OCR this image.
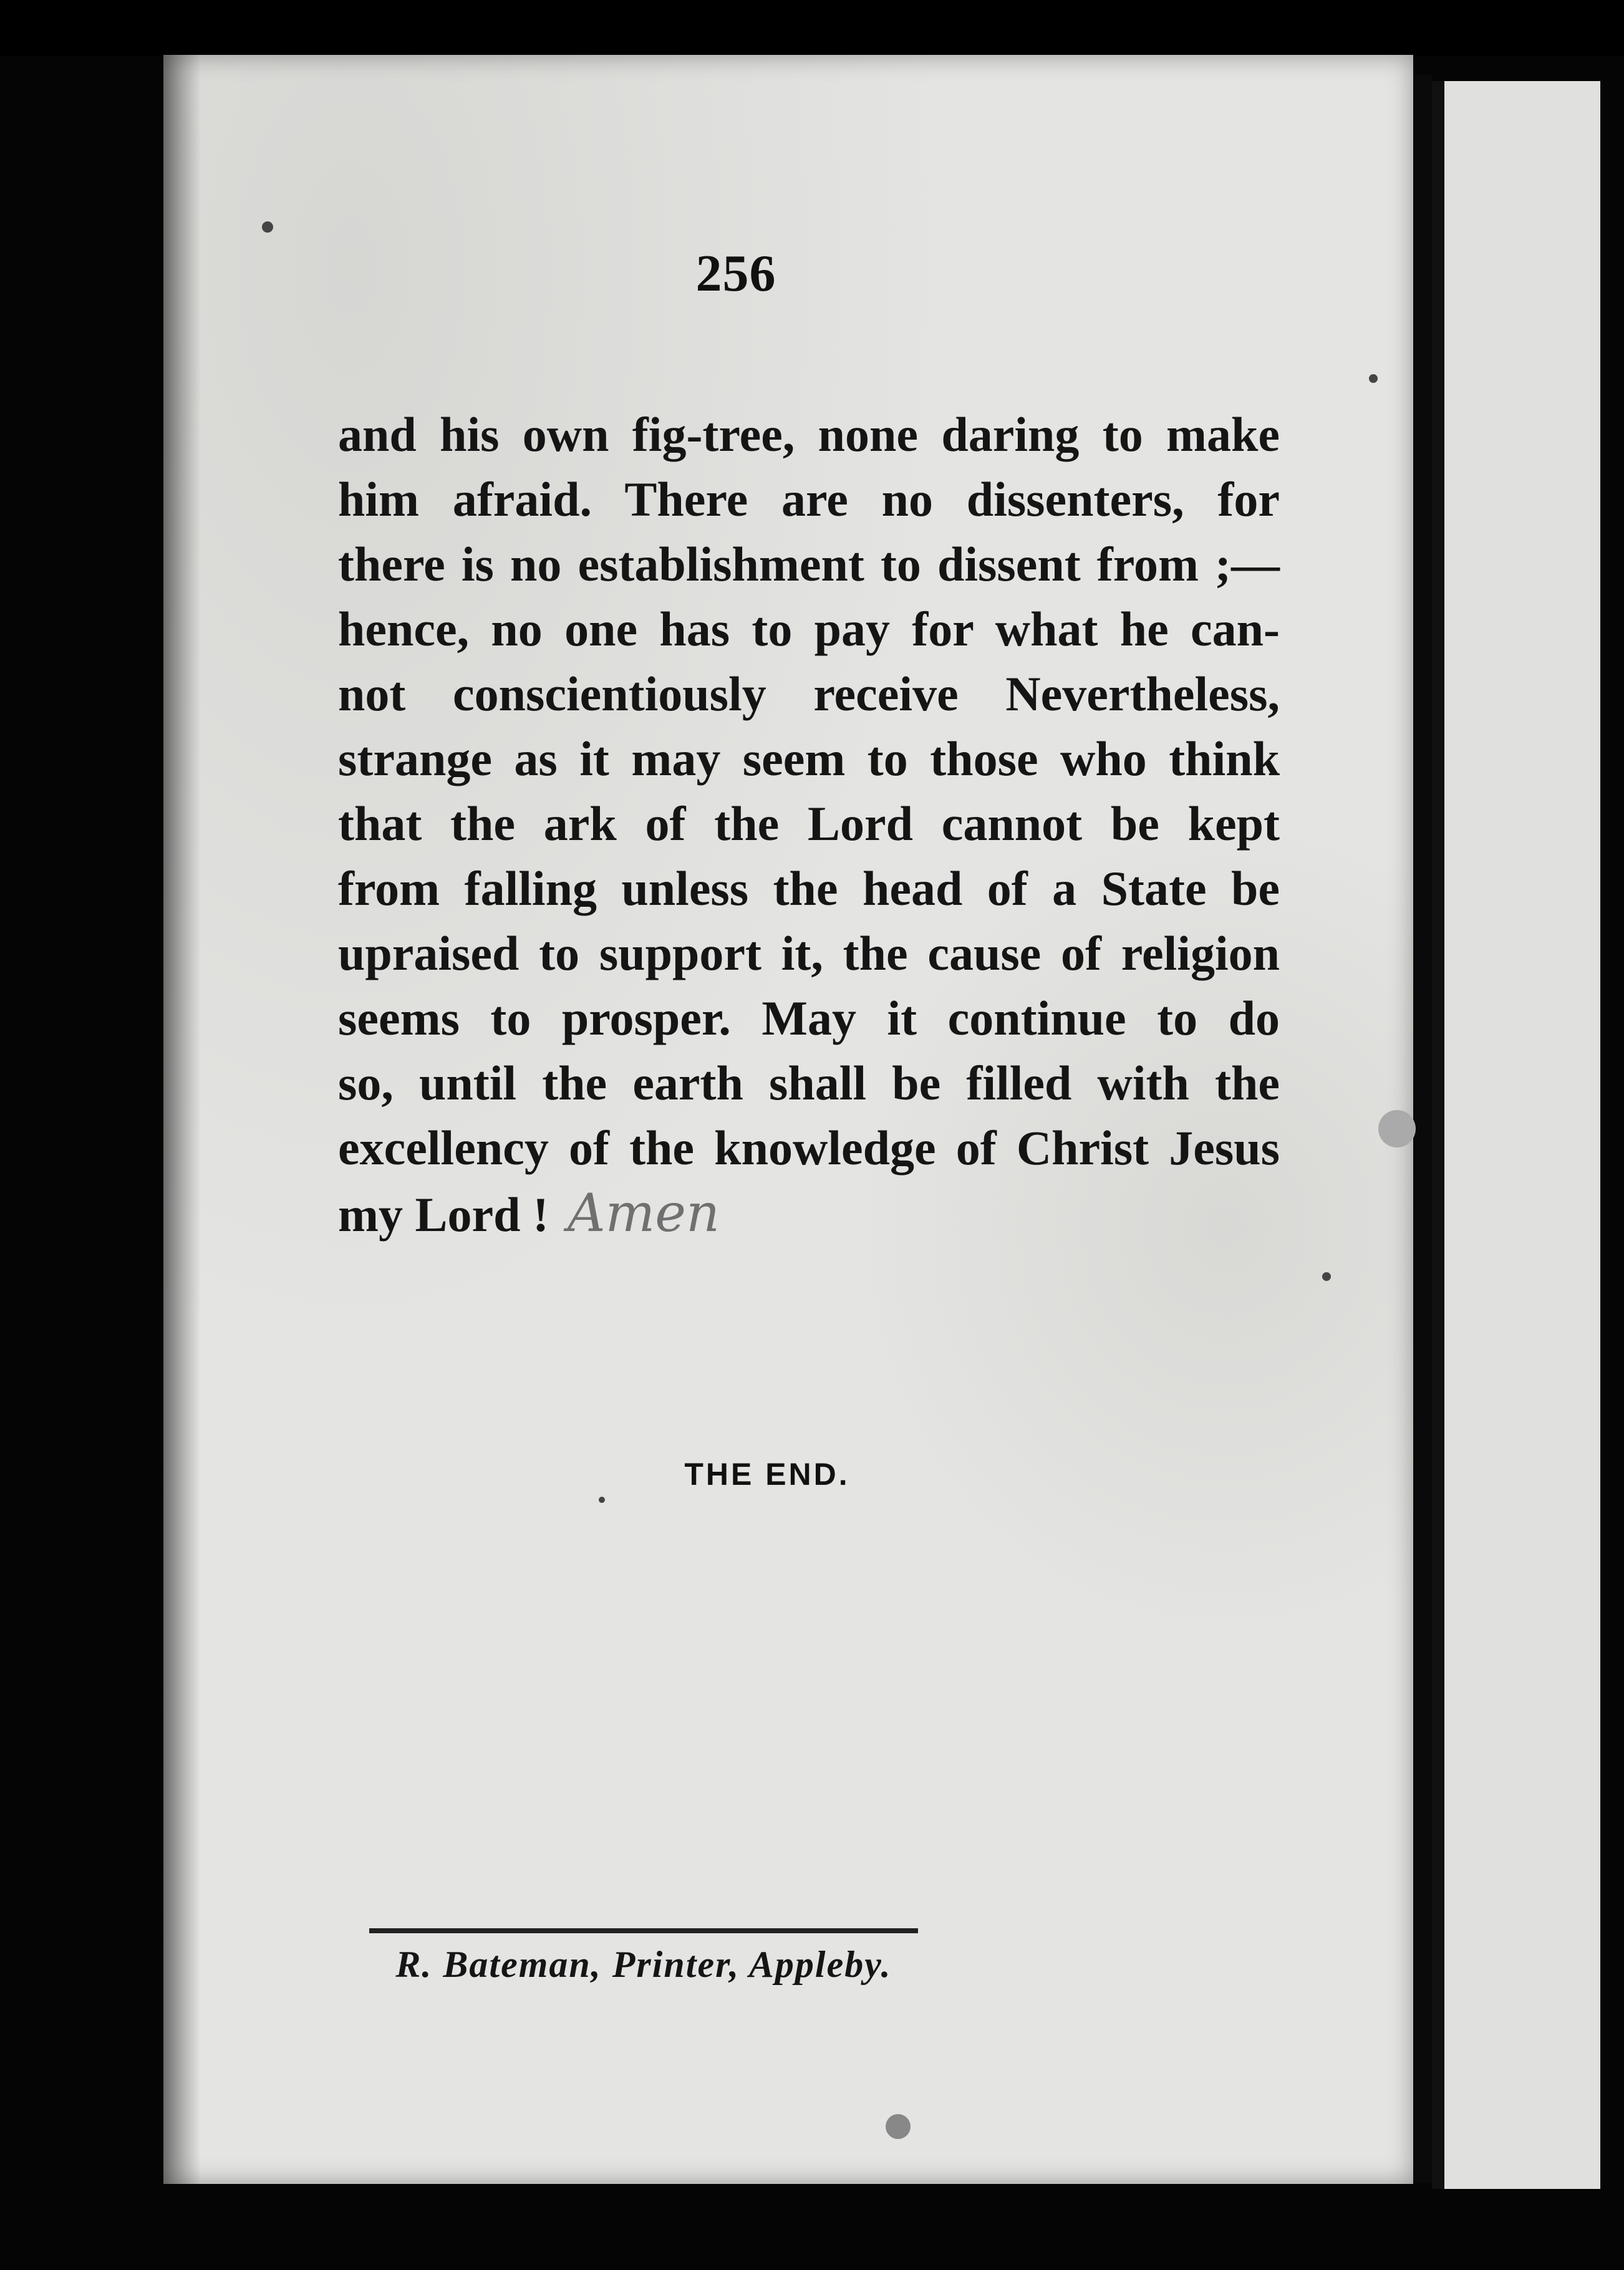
256
and his own fig-tree, none daring to make
him afraid. There are no dissenters, for
there is no establishment to dissent from ;—
hence, no one has to pay for what he can-
not conscientiously receive Nevertheless,
strange as it may seem to those who think
that the ark of the Lord cannot be kept
from falling unless the head of a State be
upraised to support it, the cause of religion
seems to prosper. May it continue to do
so, until the earth shall be filled with the
excellency of the knowledge of Christ Jesus
my Lord ! Amen
THE END.
R. Bateman, Printer, Appleby.
